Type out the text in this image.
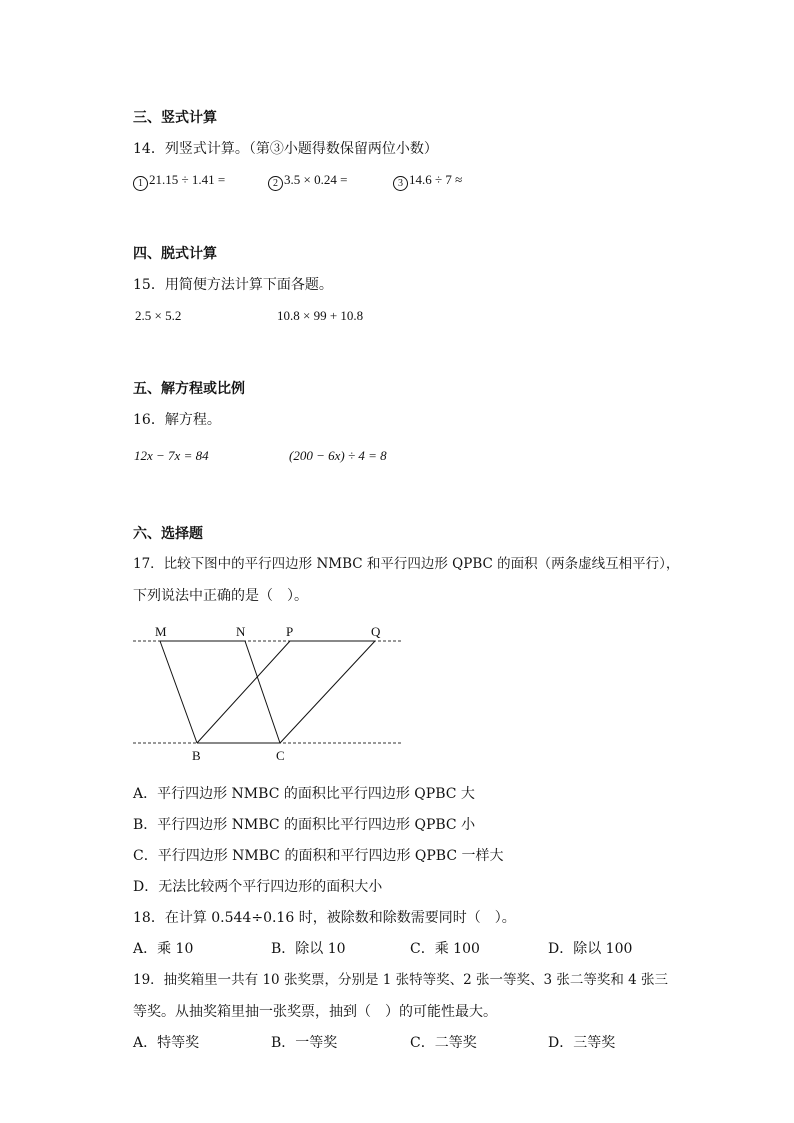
三、竖式计算
14．列竖式计算。（第③小题得数保留两位小数）
1 21.15 ÷ 1.41 =	2 3.5 × 0.24 =	3 14.6 ÷ 7 ≈
四、脱式计算
15．用简便方法计算下面各题。
2.5 × 5.2	10.8 × 99 + 10.8
五、解方程或比例
16．解方程。
12x − 7x = 84	(200 − 6x) ÷ 4 = 8
六、选择题
17．比较下图中的平行四边形 NMBC 和平行四边形 QPBC 的面积（两条虚线互相平行），
下列说法中正确的是（　）。
M	N	P	Q
B	C
A．平行四边形 NMBC 的面积比平行四边形 QPBC 大
B．平行四边形 NMBC 的面积比平行四边形 QPBC 小
C．平行四边形 NMBC 的面积和平行四边形 QPBC 一样大
D．无法比较两个平行四边形的面积大小
18．在计算 0.544÷0.16 时，被除数和除数需要同时（　）。
A．乘 10	B．除以 10	C．乘 100	D．除以 100
19．抽奖箱里一共有 10 张奖票，分别是 1 张特等奖、2 张一等奖、3 张二等奖和 4 张三
等奖。从抽奖箱里抽一张奖票，抽到（　）的可能性最大。
A．特等奖	B．一等奖	C．二等奖	D．三等奖
